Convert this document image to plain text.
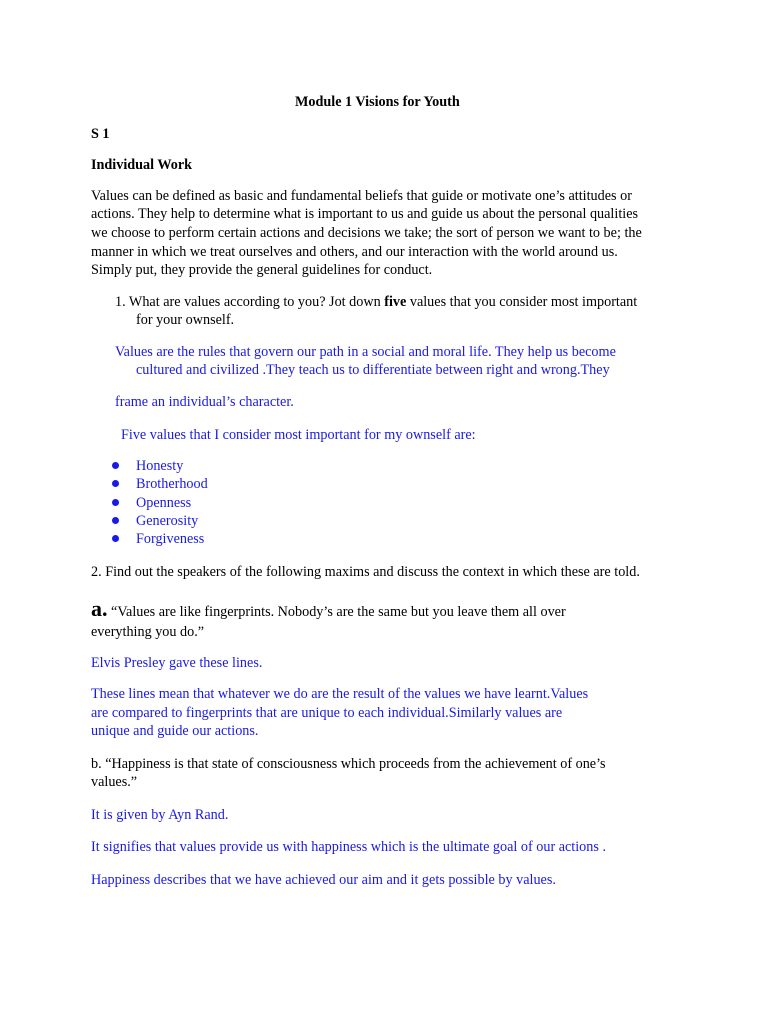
Module 1 Visions for Youth
S 1
Individual Work
Values can be defined as basic and fundamental beliefs that guide or motivate one’s attitudes or
actions. They help to determine what is important to us and guide us about the personal qualities
we choose to perform certain actions and decisions we take; the sort of person we want to be; the
manner in which we treat ourselves and others, and our interaction with the world around us.
Simply put, they provide the general guidelines for conduct.
1. What are values according to you? Jot down five values that you consider most important
for your ownself.
Values are the rules that govern our path in a social and moral life. They help us become
cultured and civilized .They teach us to differentiate between right and wrong.They
frame an individual’s character.
Five values that I consider most important for my ownself are:
Honesty
Brotherhood
Openness
Generosity
Forgiveness
2. Find out the speakers of the following maxims and discuss the context in which these are told.
a. “Values are like fingerprints. Nobody’s are the same but you leave them all over
everything you do.”
Elvis Presley gave these lines.
These lines mean that whatever we do are the result of the values we have learnt.Values
are compared to fingerprints that are unique to each individual.Similarly values are
unique and guide our actions.
b. “Happiness is that state of consciousness which proceeds from the achievement of one’s
values.”
It is given by Ayn Rand.
It signifies that values provide us with happiness which is the ultimate goal of our actions .
Happiness describes that we have achieved our aim and it gets possible by values.
